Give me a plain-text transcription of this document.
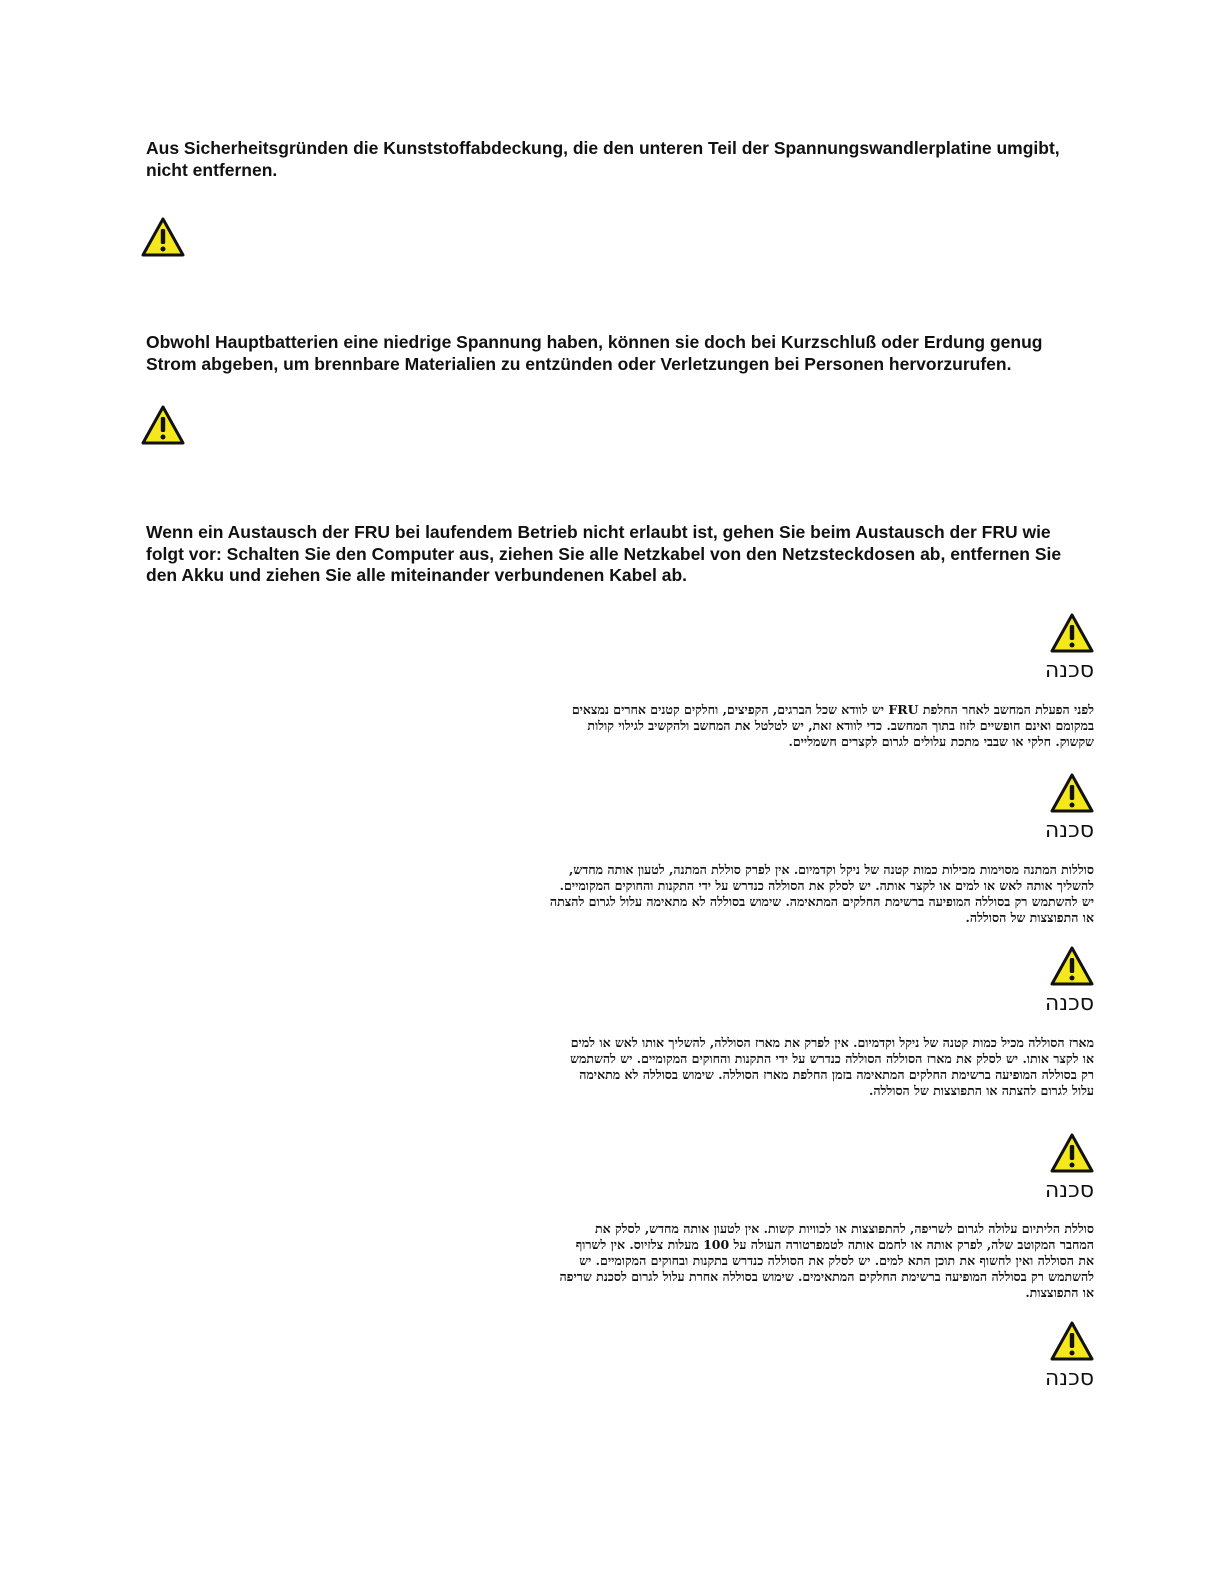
Aus Sicherheitsgründen die Kunststoffabdeckung, die den unteren Teil der Spannungswandlerplatine umgibt, nicht entfernen.

Obwohl Hauptbatterien eine niedrige Spannung haben, können sie doch bei Kurzschluß oder Erdung genug Strom abgeben, um brennbare Materialien zu entzünden oder Verletzungen bei Personen hervorzurufen.

Wenn ein Austausch der FRU bei laufendem Betrieb nicht erlaubt ist, gehen Sie beim Austausch der FRU wie folgt vor: Schalten Sie den Computer aus, ziehen Sie alle Netzkabel von den Netzsteckdosen ab, entfernen Sie den Akku und ziehen Sie alle miteinander verbundenen Kabel ab.

סכנה

לפני הפעלת המחשב לאחר החלפת FRU יש לוודא שכל הברגים, הקפיצים, וחלקים קטנים אחרים נמצאים במקומם ואינם חופשיים לזוז בתוך המחשב. כדי לוודא זאת, יש לטלטל את המחשב ולהקשיב לגילוי קולות שקשוק. חלקי או שבבי מתכת עלולים לגרום לקצרים חשמליים.

סכנה

סוללות המתנה מסוימות מכילות כמות קטנה של ניקל וקדמיום. אין לפרק סוללת המתנה, לטעון אותה מחדש, להשליך אותה לאש או למים או לקצר אותה. יש לסלק את הסוללה כנדרש על ידי התקנות והחוקים המקומיים. יש להשתמש רק בסוללה המופיעה ברשימת החלקים המתאימה. שימוש בסוללה לא מתאימה עלול לגרום להצתה או התפוצצות של הסוללה.

סכנה

מארז הסוללה מכיל כמות קטנה של ניקל וקדמיום. אין לפרק את מארז הסוללה, להשליך אותו לאש או למים או לקצר אותו. יש לסלק את מארז הסוללה הסוללה כנדרש על ידי התקנות והחוקים המקומיים. יש להשתמש רק בסוללה המופיעה ברשימת החלקים המתאימה בזמן החלפת מארז הסוללה. שימוש בסוללה לא מתאימה עלול לגרום להצתה או התפוצצות של הסוללה.

סכנה

סוללת הליתיום עלולה לגרום לשריפה, להתפוצצות או לכוויות קשות. אין לטעון אותה מחדש, לסלק את המחבר המקוטב שלה, לפרק אותה או לחמם אותה לטמפרטורה העולה על 100 מעלות צלזיוס. אין לשרוף את הסוללה ואין לחשוף את תוכן התא למים. יש לסלק את הסוללה כנדרש בתקנות ובחוקים המקומיים. יש להשתמש רק בסוללה המופיעה ברשימת החלקים המתאימים. שימוש בסוללה אחרת עלול לגרום לסכנת שריפה או התפוצצות.

סכנה
